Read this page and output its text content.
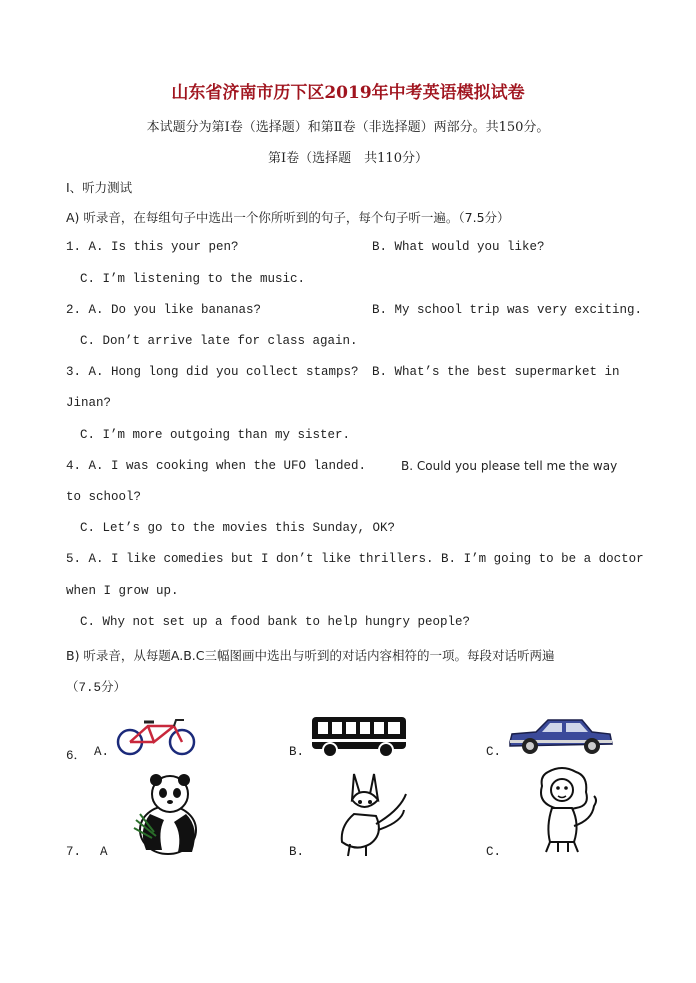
山东省济南市历下区2019年中考英语模拟试卷
本试题分为第Ⅰ卷（选择题）和第Ⅱ卷（非选择题）两部分。共150分。
第Ⅰ卷（选择题　共110分）
Ⅰ、听力测试
A) 听录音，在每组句子中选出一个你所听到的句子，每个句子听一遍。（7.5分）
1. A. Is this your pen?	B. What would you like?
C. I’m listening to the music.
2. A. Do you like bananas?	B. My school trip was very exciting.
C. Don’t arrive late for class again.
3. A. Hong long did you collect stamps? B. What’s the best supermarket in
Jinan?
C. I’m more outgoing than my sister.
4. A. I was cooking when the UFO landed.	B. Could you please tell me the way
to school?
C. Let’s go to the movies this Sunday, OK?
5. A. I like comedies but I don’t like thrillers. B. I’m going to be a doctor
when I grow up.
C. Why not set up a food bank to help hungry people?
B) 听录音，从每题A.B.C三幅图画中选出与听到的对话内容相符的一项。每段对话听两遍
（7.5分）
6． A.	B.	C.
7. A	B.	C.
